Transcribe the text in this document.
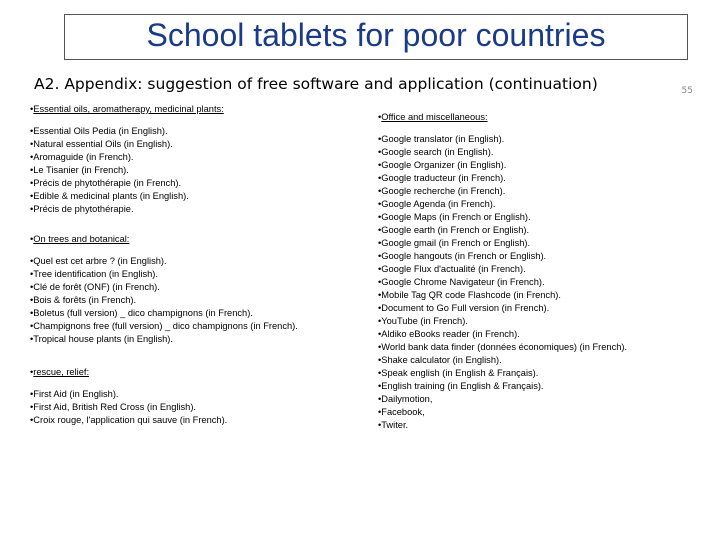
School tablets for poor countries
A2. Appendix: suggestion of free software and application (continuation)	55
• Essential oils, aromatherapy, medicinal plants:
• Essential Oils Pedia (in English).
• Natural essential Oils (in English).
• Aromaguide (in French).
• Le Tisanier (in French).
• Précis de phytothérapie (in French).
• Edible & medicinal plants (in English).
• Précis de phytothérapie.
• On trees and botanical:
• Quel est cet arbre ? (in English).
• Tree identification (in English).
• Clé de forêt (ONF) (in French).
• Bois & forêts (in French).
• Boletus (full version) _ dico champignons (in French).
• Champignons free (full version) _ dico champignons (in French).
• Tropical house plants (in English).
• rescue, relief:
• First Aid (in English).
• First Aid, British Red Cross (in English).
• Croix rouge, l'application qui sauve (in French).
• Office and miscellaneous:
• Google translator (in English).
• Google search (in English).
• Google Organizer (in English).
• Google traducteur (in French).
• Google recherche (in French).
• Google Agenda (in French).
• Google Maps (in French or English).
• Google earth (in French or English).
• Google gmail (in French or English).
• Google hangouts (in French or English).
• Google Flux d'actualité (in French).
• Google Chrome Navigateur (in French).
• Mobile Tag QR code Flashcode (in French).
• Document to Go Full version (in French).
• YouTube (in French).
• Aldiko eBooks reader (in French).
• World bank data finder (données économiques) (in French).
• Shake calculator (in English).
• Speak english (in English & Français).
• English training (in English & Français).
• Dailymotion,
• Facebook,
• Twiter.
